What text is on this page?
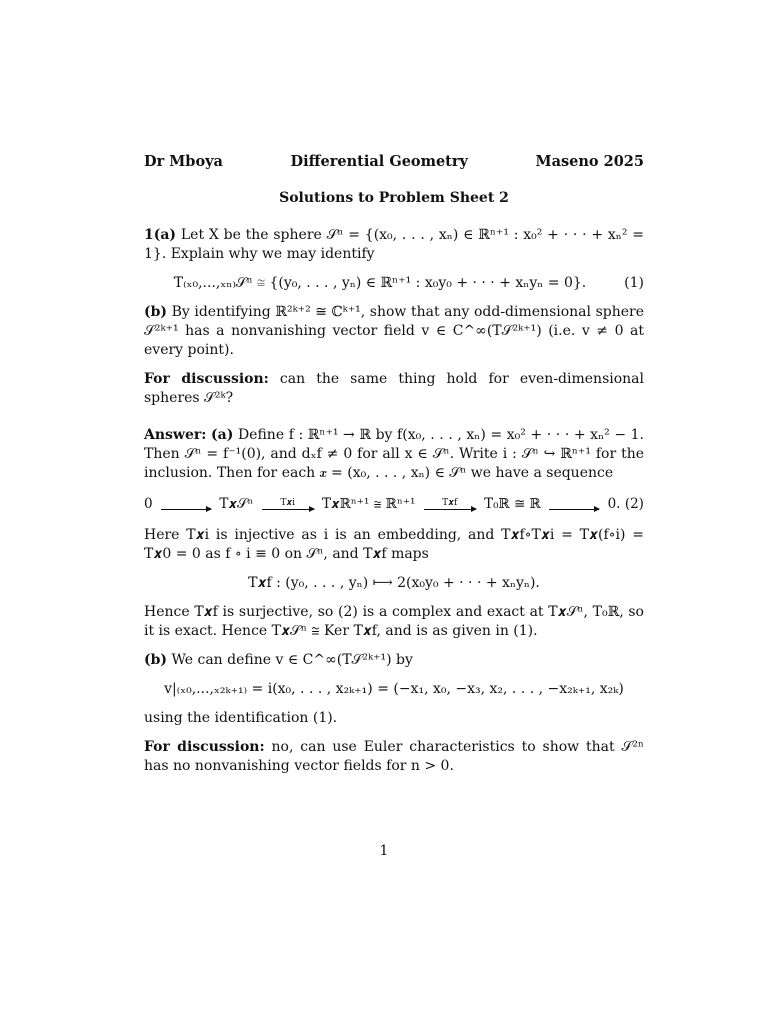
Dr Mboya	Differential Geometry	Maseno 2025
Solutions to Problem Sheet 2

1(a) Let X be the sphere 𝒮ⁿ = {(x₀, . . . , xₙ) ∈ ℝⁿ⁺¹ : x₀² + · · · + xₙ² = 1}. Explain why we may identify

T₍ₓ₀,...,ₓₙ₎𝒮ⁿ ≅ {(y₀, . . . , yₙ) ∈ ℝⁿ⁺¹ : x₀y₀ + · · · + xₙyₙ = 0}.	(1)

(b) By identifying ℝ²ᵏ⁺² ≅ ℂᵏ⁺¹, show that any odd-dimensional sphere 𝒮²ᵏ⁺¹ has a nonvanishing vector field v ∈ C^∞(T𝒮²ᵏ⁺¹) (i.e. v ≠ 0 at every point).

For discussion: can the same thing hold for even-dimensional spheres 𝒮²ᵏ?

Answer: (a) Define f : ℝⁿ⁺¹ → ℝ by f(x₀, . . . , xₙ) = x₀² + · · · + xₙ² − 1. Then 𝒮ⁿ = f⁻¹(0), and dₓf ≠ 0 for all x ∈ 𝒮ⁿ. Write i : 𝒮ⁿ ↪ ℝⁿ⁺¹ for the inclusion. Then for each 𝒙 = (x₀, . . . , xₙ) ∈ 𝒮ⁿ we have a sequence

0	T𝒙𝒮ⁿ	T𝒙i T𝒙ℝⁿ⁺¹ ≅ ℝⁿ⁺¹	T𝒙f T₀ℝ ≅ ℝ	0. (2)

Here T𝒙i is injective as i is an embedding, and T𝒙f∘T𝒙i = T𝒙(f∘i) = T𝒙0 = 0 as f ∘ i ≡ 0 on 𝒮ⁿ, and T𝒙f maps

T𝒙f : (y₀, . . . , yₙ) ⟼ 2(x₀y₀ + · · · + xₙyₙ).

Hence T𝒙f is surjective, so (2) is a complex and exact at T𝒙𝒮ⁿ, T₀ℝ, so it is exact. Hence T𝒙𝒮ⁿ ≅ Ker T𝒙f, and is as given in (1).

(b) We can define v ∈ C^∞(T𝒮²ᵏ⁺¹) by

v|₍ₓ₀,...,ₓ₂ₖ₊₁₎ = i(x₀, . . . , x₂ₖ₊₁) = (−x₁, x₀, −x₃, x₂, . . . , −x₂ₖ₊₁, x₂ₖ)

using the identification (1).

For discussion: no, can use Euler characteristics to show that 𝒮²ⁿ has no nonvanishing vector fields for n > 0.

1
